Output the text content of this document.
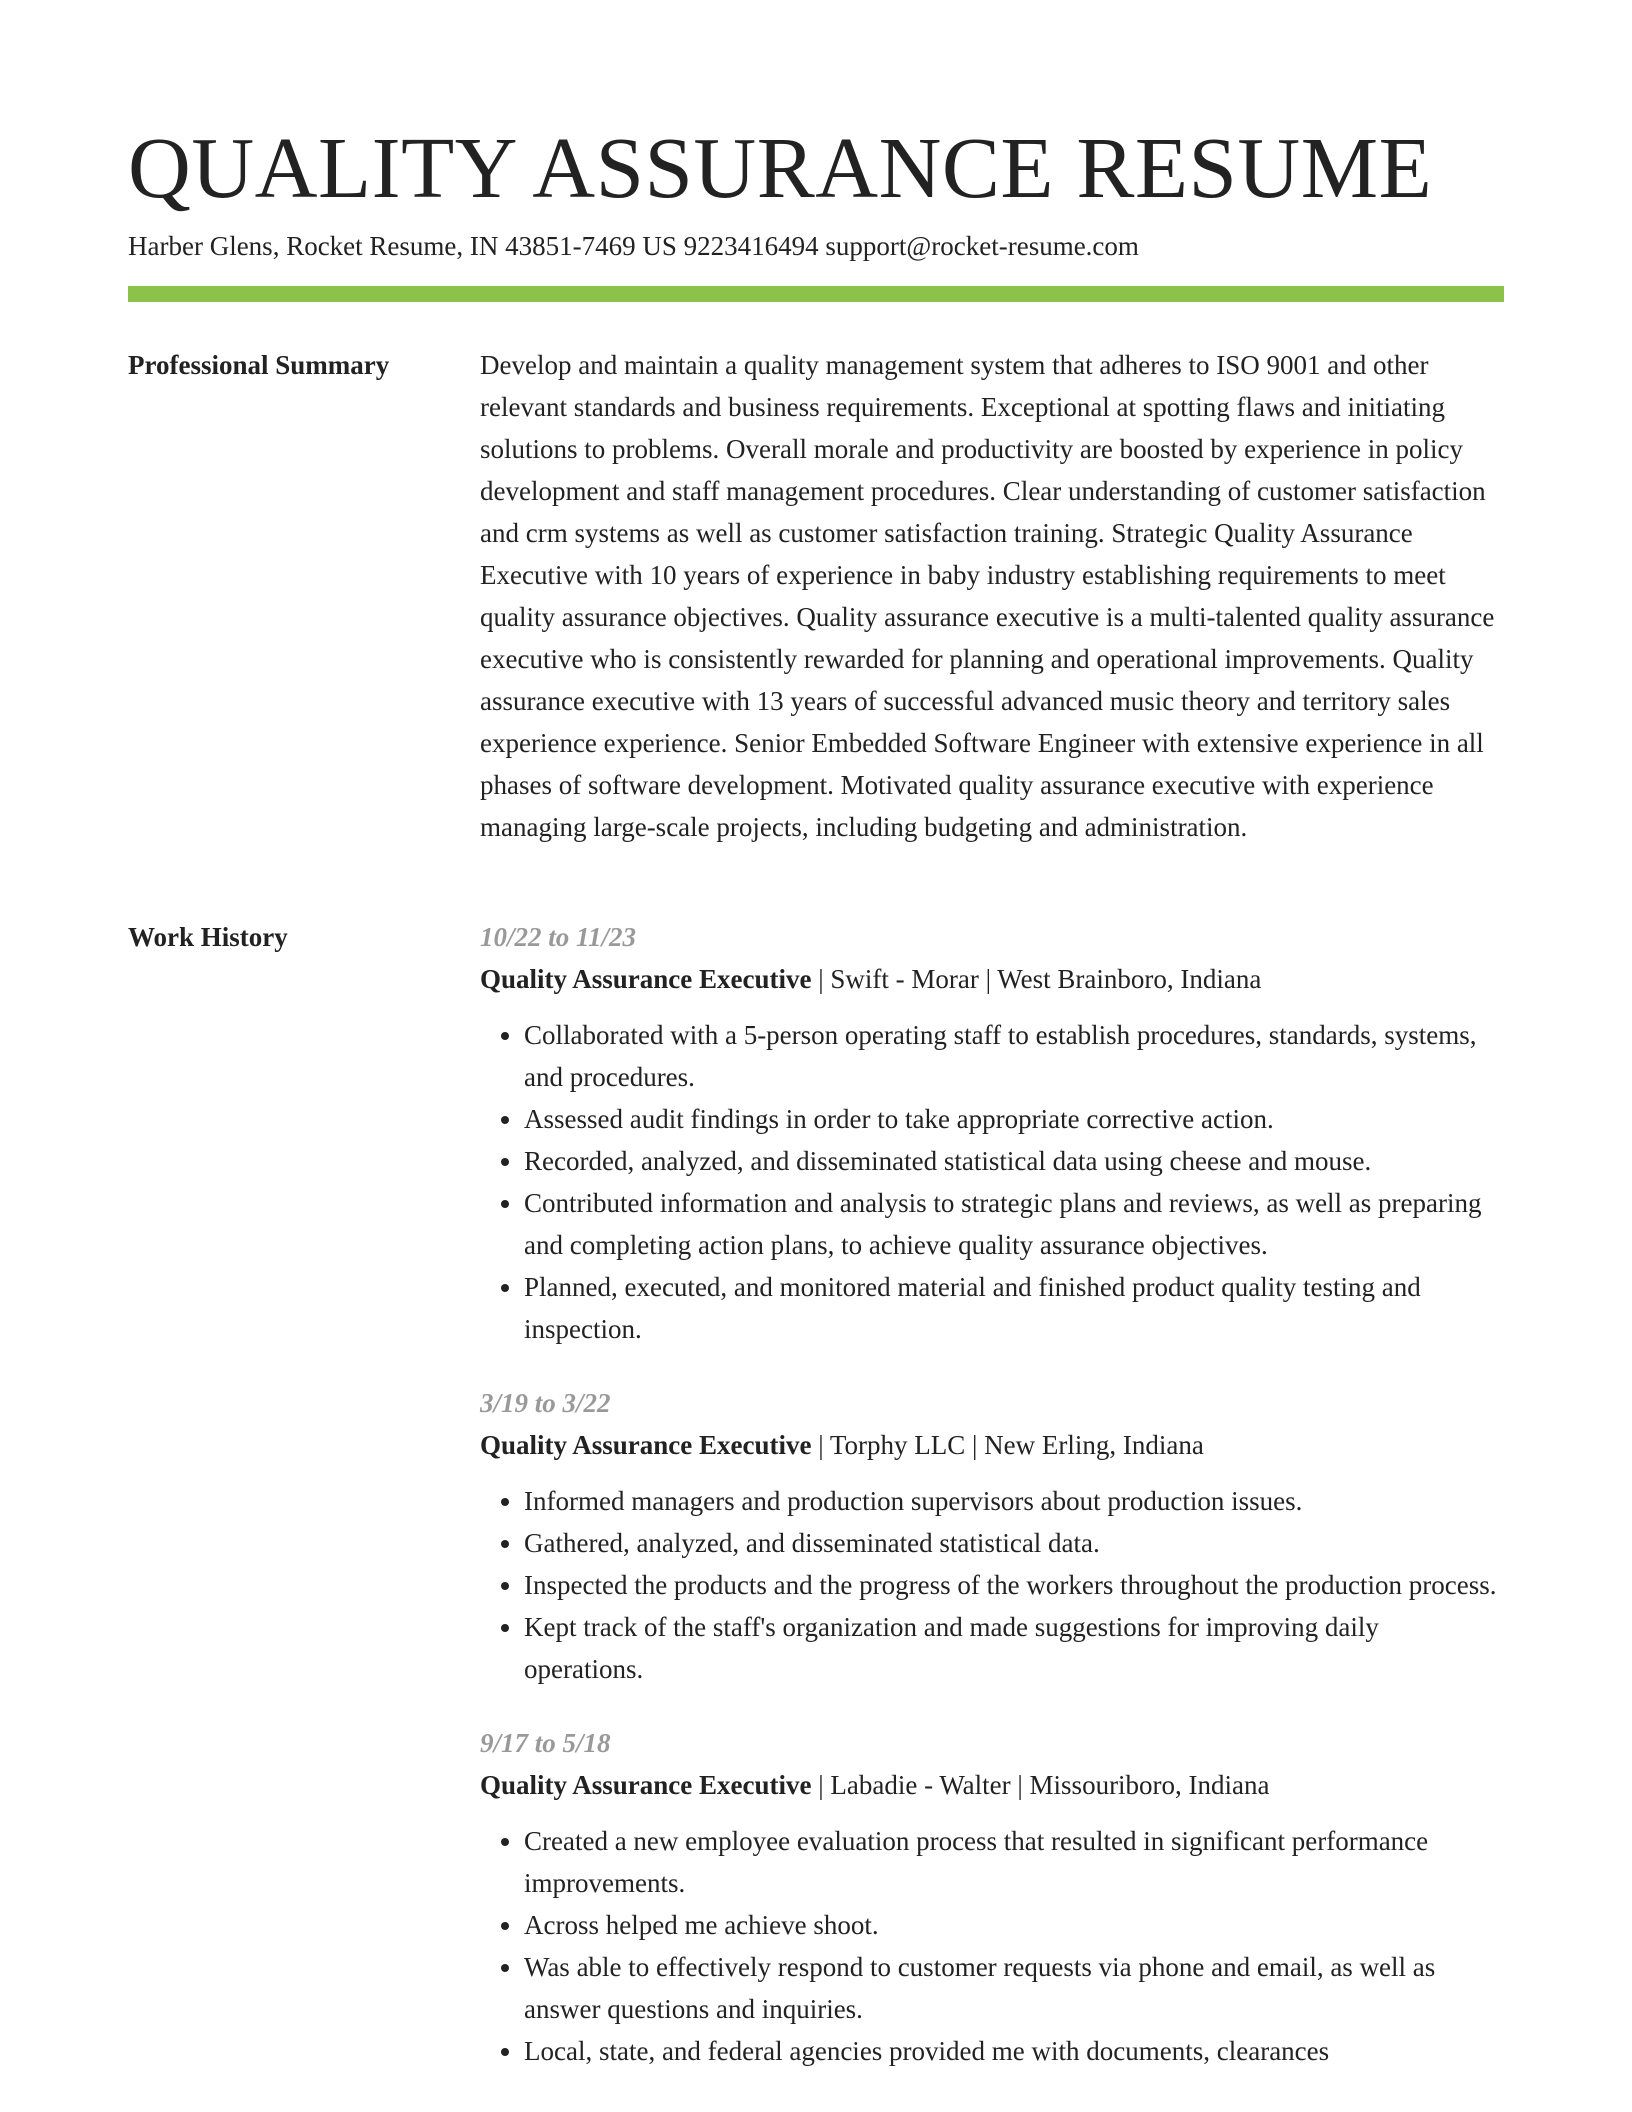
QUALITY ASSURANCE RESUME
Harber Glens, Rocket Resume, IN 43851-7469 US 9223416494 support@rocket-resume.com
Professional Summary	Develop and maintain a quality management system that adheres to ISO 9001 and other relevant standards and business requirements. Exceptional at spotting flaws and initiating solutions to problems. Overall morale and productivity are boosted by experience in policy development and staff management procedures. Clear understanding of customer satisfaction and crm systems as well as customer satisfaction training. Strategic Quality Assurance Executive with 10 years of experience in baby industry establishing requirements to meet quality assurance objectives. Quality assurance executive is a multi-talented quality assurance executive who is consistently rewarded for planning and operational improvements. Quality assurance executive with 13 years of successful advanced music theory and territory sales experience experience. Senior Embedded Software Engineer with extensive experience in all phases of software development. Motivated quality assurance executive with experience managing large-scale projects, including budgeting and administration.

Work History	10/22 to 11/23
Quality Assurance Executive | Swift - Morar | West Brainboro, Indiana
• Collaborated with a 5-person operating staff to establish procedures, standards, systems, and procedures.
• Assessed audit findings in order to take appropriate corrective action.
• Recorded, analyzed, and disseminated statistical data using cheese and mouse.
• Contributed information and analysis to strategic plans and reviews, as well as preparing and completing action plans, to achieve quality assurance objectives.
• Planned, executed, and monitored material and finished product quality testing and inspection.
3/19 to 3/22
Quality Assurance Executive | Torphy LLC | New Erling, Indiana
• Informed managers and production supervisors about production issues.
• Gathered, analyzed, and disseminated statistical data.
• Inspected the products and the progress of the workers throughout the production process.
• Kept track of the staff's organization and made suggestions for improving daily operations.
9/17 to 5/18
Quality Assurance Executive | Labadie - Walter | Missouriboro, Indiana
• Created a new employee evaluation process that resulted in significant performance improvements.
• Across helped me achieve shoot.
• Was able to effectively respond to customer requests via phone and email, as well as answer questions and inquiries.
• Local, state, and federal agencies provided me with documents, clearances
